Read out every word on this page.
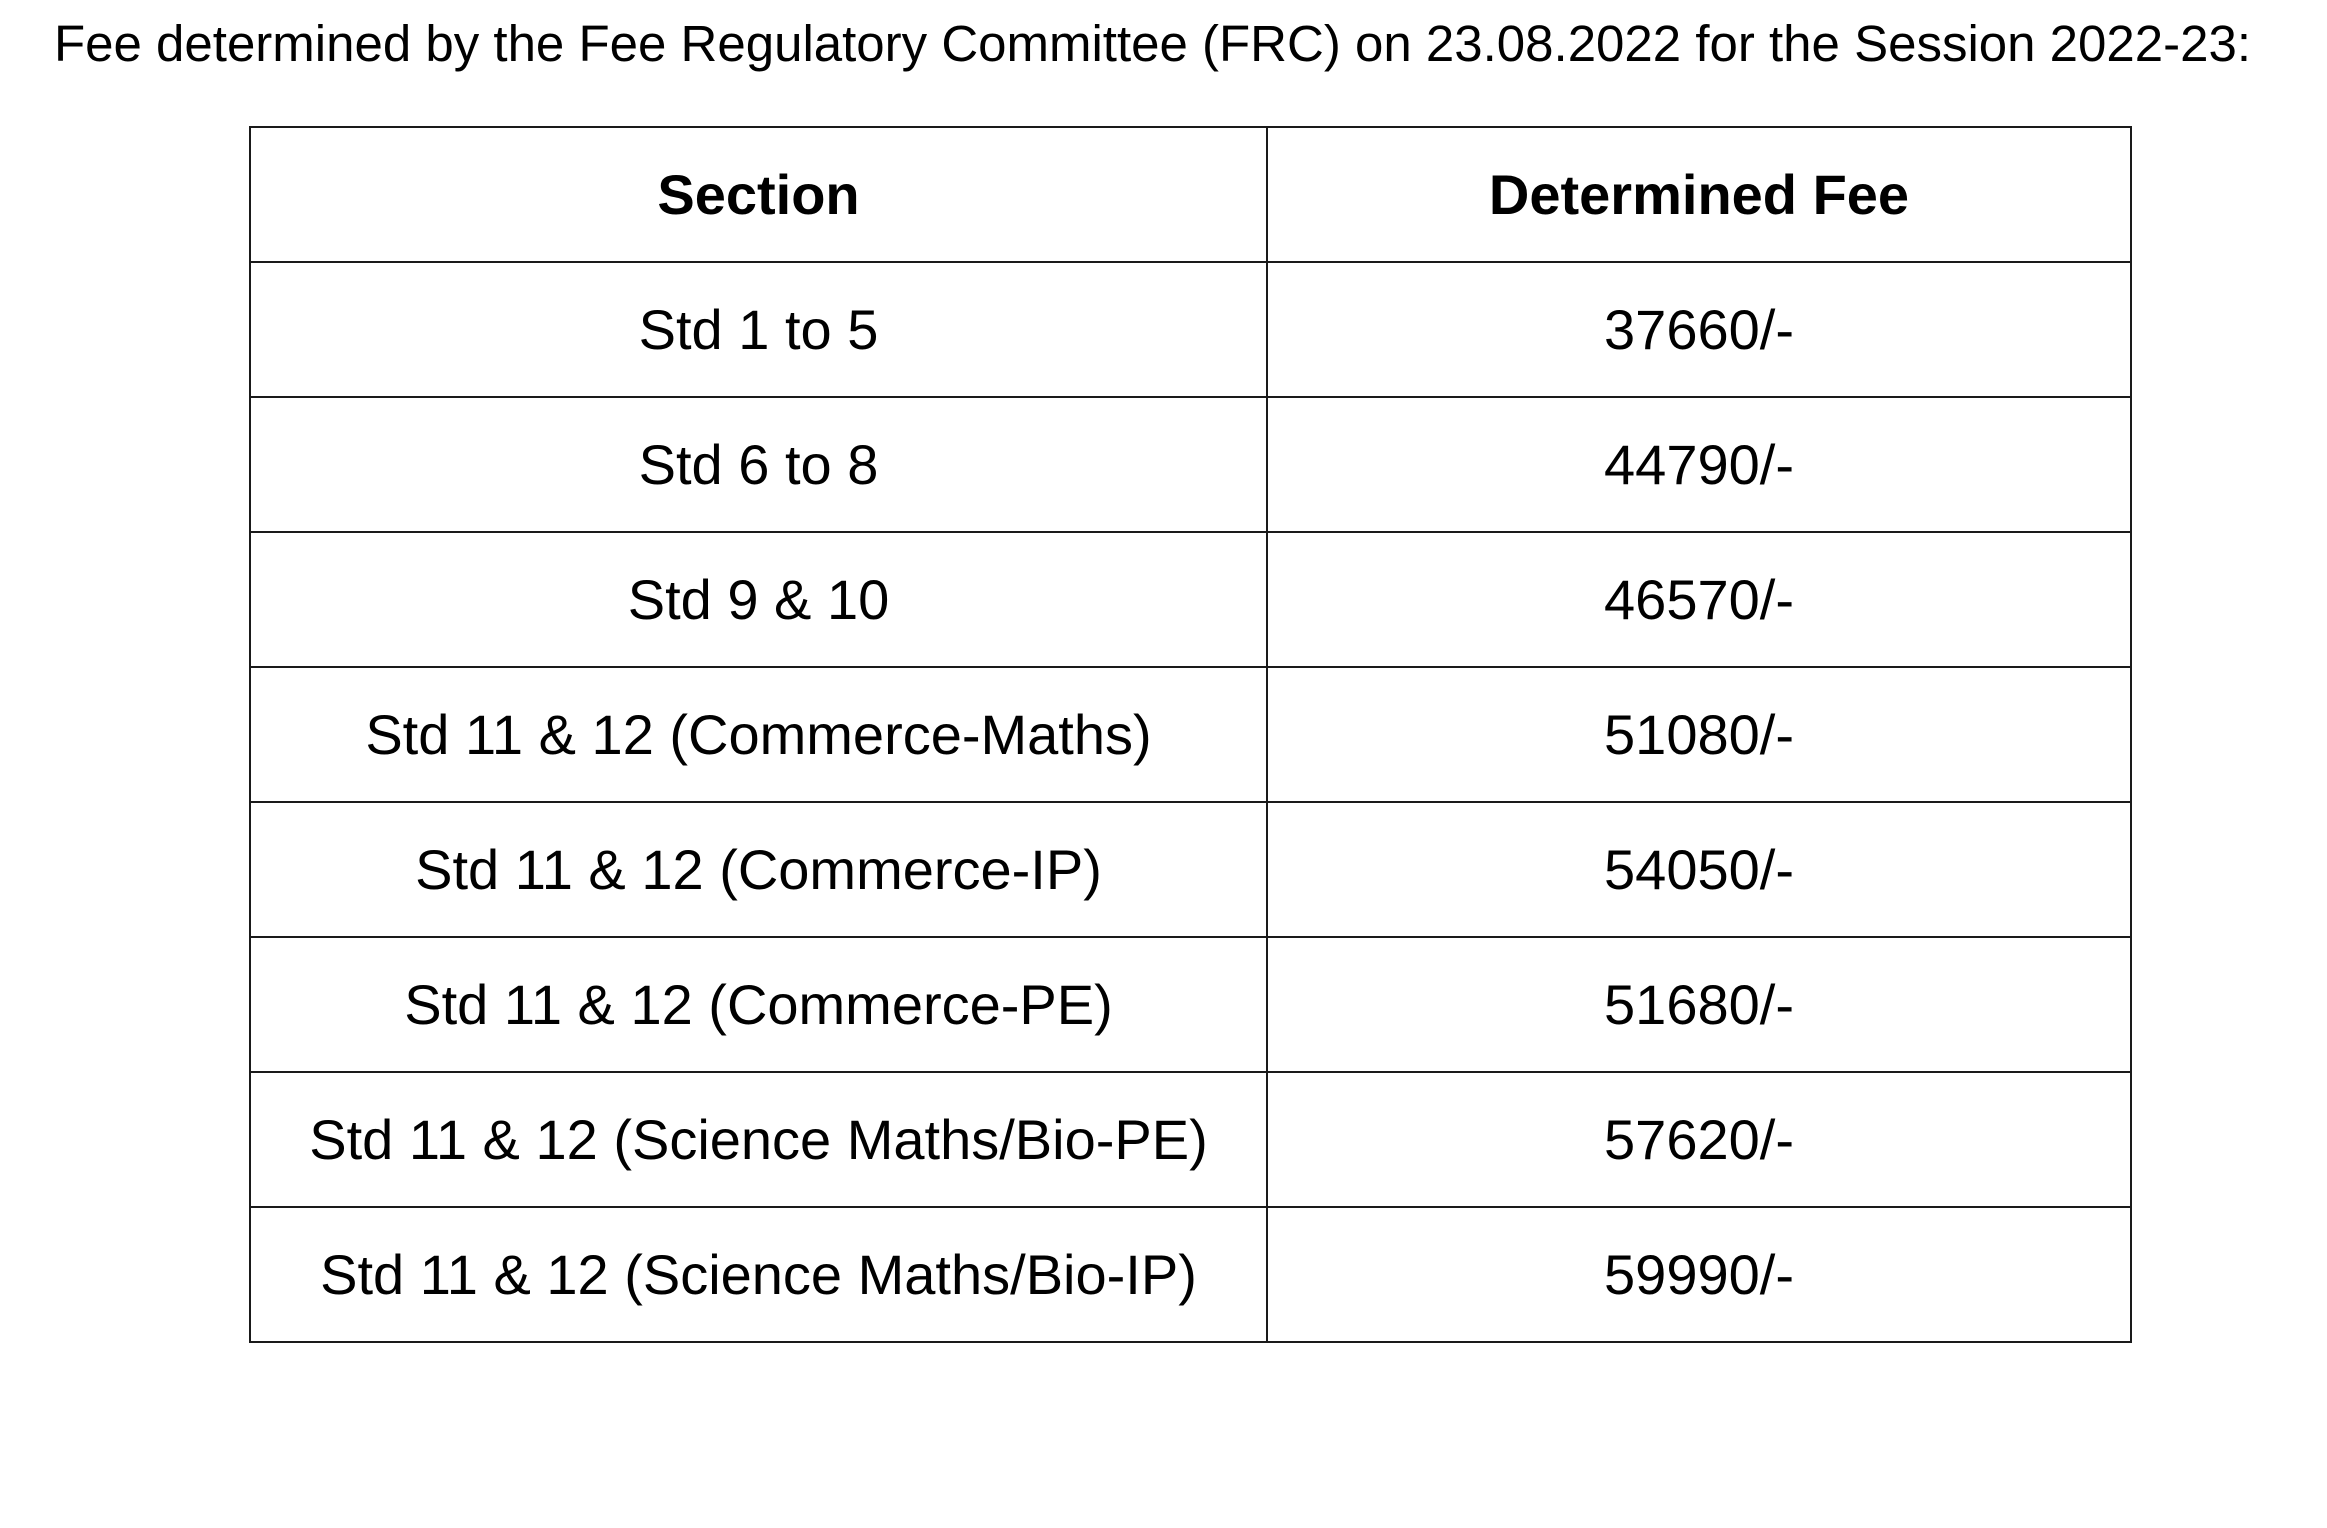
Fee determined by the Fee Regulatory Committee (FRC) on 23.08.2022 for the Session 2022-23:

Section	Determined Fee
Std 1 to 5	37660/-
Std 6 to 8	44790/-
Std 9 & 10	46570/-
Std 11 & 12 (Commerce-Maths)	51080/-
Std 11 & 12 (Commerce-IP)	54050/-
Std 11 & 12 (Commerce-PE)	51680/-
Std 11 & 12 (Science Maths/Bio-PE)	57620/-
Std 11 & 12 (Science Maths/Bio-IP)	59990/-
